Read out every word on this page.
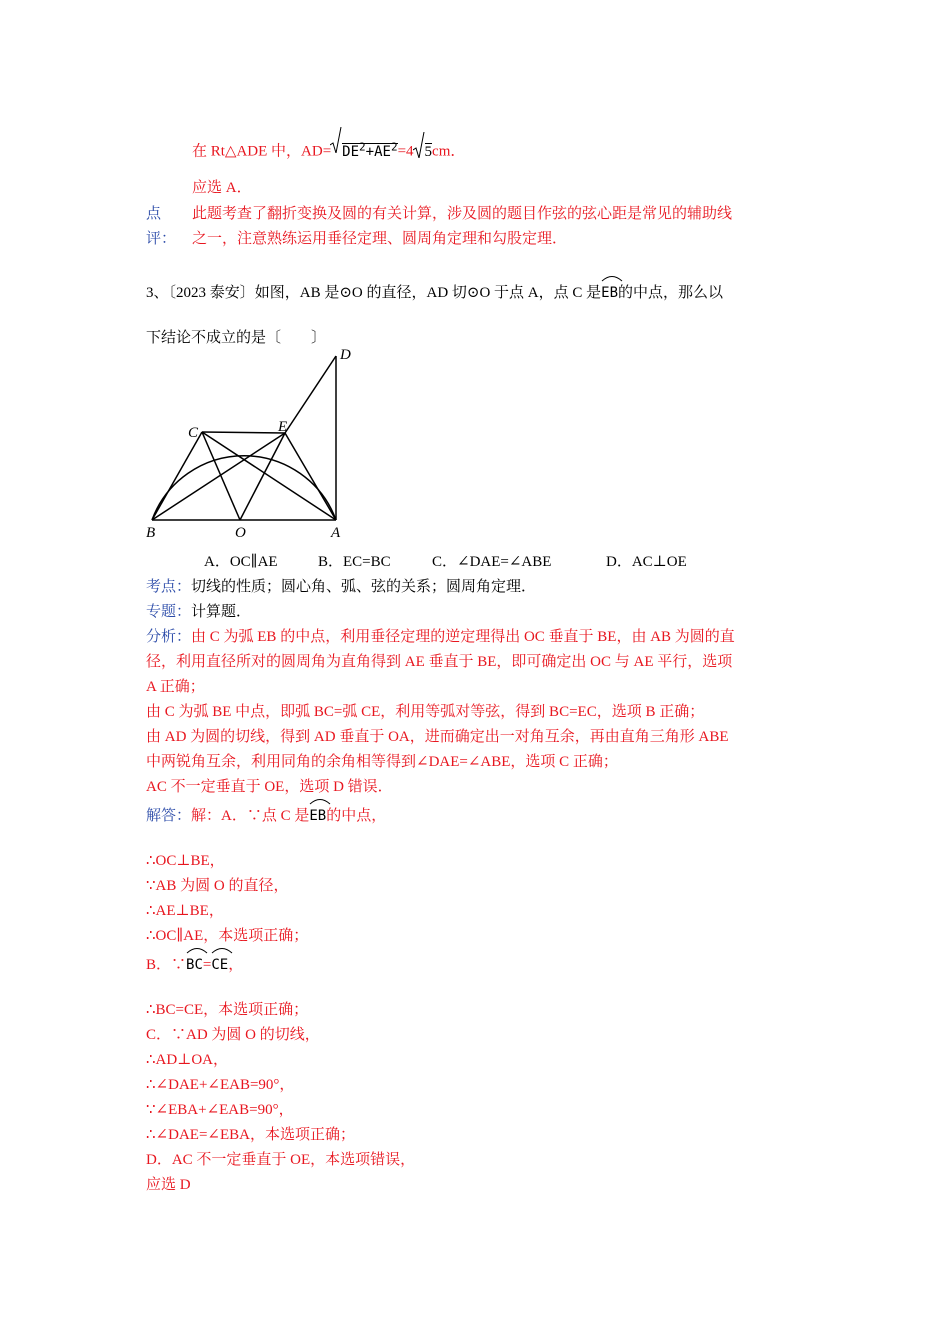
在 Rt△ADE 中，$AD= DE^2+AE^2=4$ 5cm．
应选 A．
点
评：
此题考查了翻折变换及圆的有关计算，涉及圆的题目作弦的弦心距是常见的辅助线
之一，注意熟练运用垂径定理、圆周角定理和勾股定理．
3、〔2023 泰安〕如图，AB 是⊙O 的直径，AD 切⊙O 于点 A，点 C 是
EB的中点，那么以
下结论不成立的是〔　　〕
D
C	E
B	O	A
A．OC∥AE	B．EC=BC	C．∠DAE=∠ABE	D．AC⊥OE
考点：切线的性质；圆心角、弧、弦的关系；圆周角定理．
专题：计算题．
分析：由 C 为弧 EB 的中点，利用垂径定理的逆定理得出 OC 垂直于 BE，由 AB 为圆的直
径，利用直径所对的圆周角为直角得到 AE 垂直于 BE，即可确定出 OC 与 AE 平行，选项
A 正确；
由 C 为弧 BE 中点，即弧 BC=弧 CE，利用等弧对等弦，得到 BC=EC，选项 B 正确；
由 AD 为圆的切线，得到 AD 垂直于 OA，进而确定出一对角互余，再由直角三角形 ABE
中两锐角互余，利用同角的余角相等得到∠DAE=∠ABE，选项 C 正确；
AC 不一定垂直于 OE，选项 D 错误．
解答：解：A．∵点 C 是
EB的中点，
∴OC⊥BE，
∵AB 为圆 O 的直径，
∴AE⊥BE，
∴OC∥AE，本选项正确；
B．∵
BC=
CE，
∴BC=CE，本选项正确；
C．∵AD 为圆 O 的切线，
∴AD⊥OA，
∴∠DAE+∠EAB=90°，
∵∠EBA+∠EAB=90°，
∴∠DAE=∠EBA，本选项正确；
D．AC 不一定垂直于 OE，本选项错误，
应选 D
